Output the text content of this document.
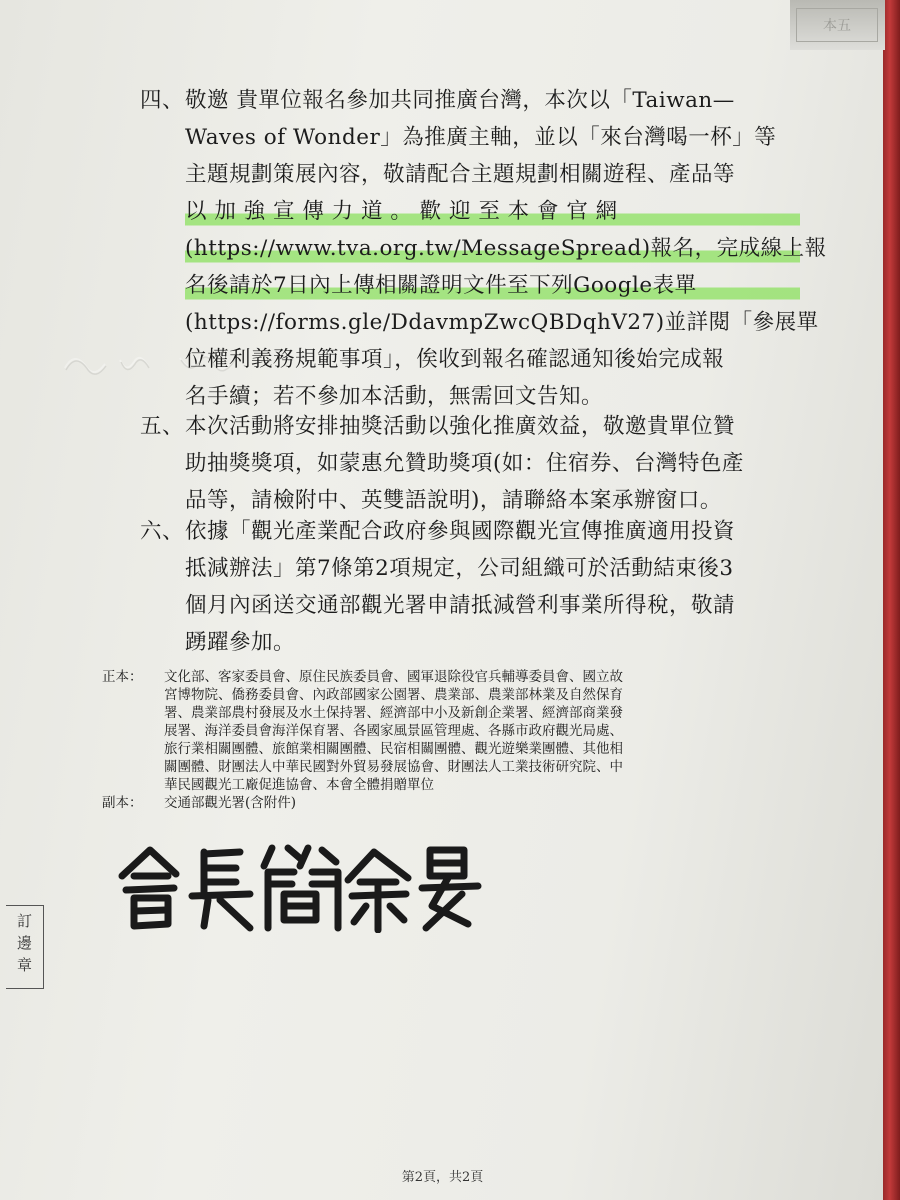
本五
四、 敬邀 貴單位報名參加共同推廣台灣，本次以「Taiwan—
Waves of Wonder」為推廣主軸，並以「來台灣喝一杯」等
主題規劃策展內容，敬請配合主題規劃相關遊程、產品等
以 加 強 宣 傳 力 道 。 歡 迎 至 本 會 官 網
(https://www.tva.org.tw/MessageSpread)報名，完成線上報
名後請於7日內上傳相關證明文件至下列Google表單
(https://forms.gle/DdavmpZwcQBDqhV27)並詳閱「參展單
位權利義務規範事項」，俟收到報名確認通知後始完成報
名手續；若不參加本活動，無需回文告知。
五、 本次活動將安排抽獎活動以強化推廣效益，敬邀貴單位贊
助抽獎獎項，如蒙惠允贊助獎項(如：住宿券、台灣特色產
品等，請檢附中、英雙語說明)，請聯絡本案承辦窗口。
六、 依據「觀光產業配合政府參與國際觀光宣傳推廣適用投資
抵減辦法」第7條第2項規定，公司組織可於活動結束後3
個月內函送交通部觀光署申請抵減營利事業所得稅，敬請
踴躍參加。
正本：	文化部、客家委員會、原住民族委員會、國軍退除役官兵輔導委員會、國立故
宮博物院、僑務委員會、內政部國家公園署、農業部、農業部林業及自然保育
署、農業部農村發展及水土保持署、經濟部中小及新創企業署、經濟部商業發
展署、海洋委員會海洋保育署、各國家風景區管理處、各縣市政府觀光局處、
旅行業相關團體、旅館業相關團體、民宿相關團體、觀光遊樂業團體、其他相
關團體、財團法人中華民國對外貿易發展協會、財團法人工業技術研究院、中
華民國觀光工廠促進協會、本會全體捐贈單位
副本：	交通部觀光署(含附件)
訂
邊
章
第2頁，共2頁
